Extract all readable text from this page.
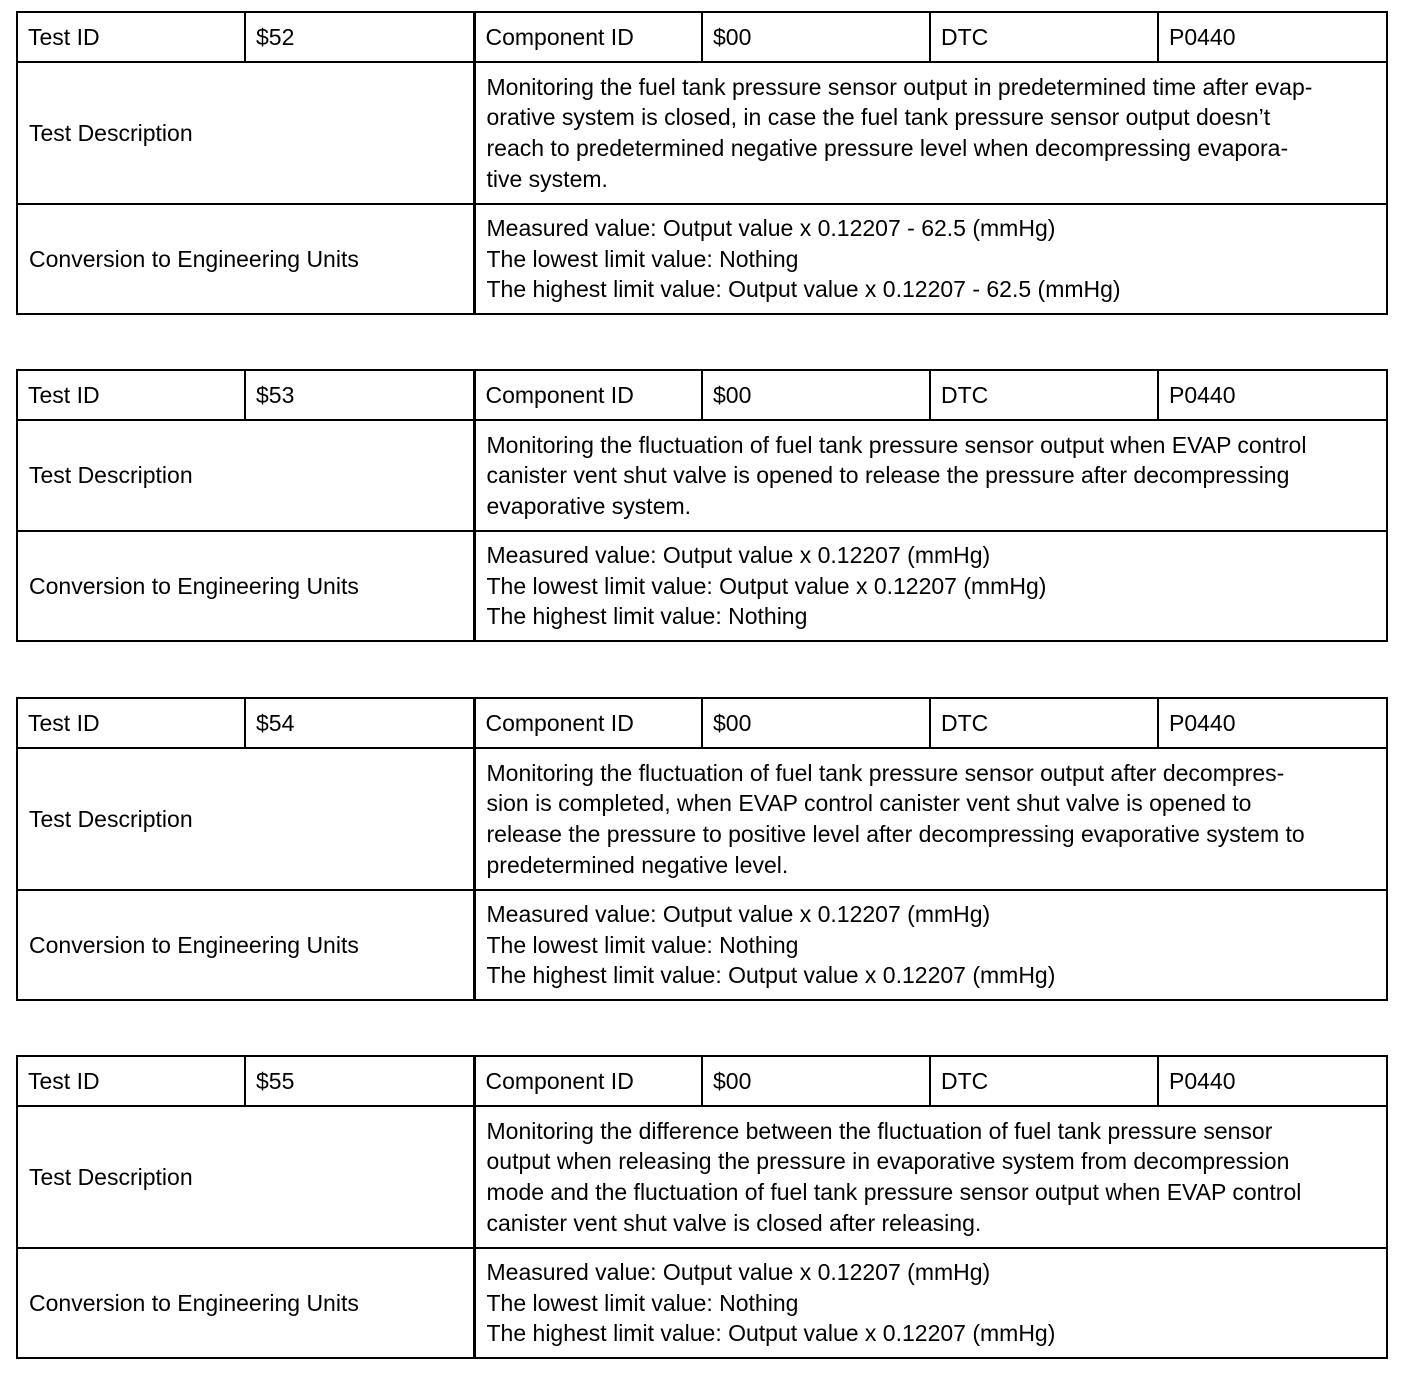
Test ID	$52	Component ID	$00	DTC	P0440
Test Description		Monitoring the fuel tank pressure sensor output in predetermined time after evap-
orative system is closed, in case the fuel tank pressure sensor output doesn’t
reach to predetermined negative pressure level when decompressing evapora-
tive system.			

Conversion to Engineering Units		Measured value: Output value x 0.12207 - 62.5 (mmHg)
The lowest limit value: Nothing
The highest limit value: Output value x 0.12207 - 62.5 (mmHg)			
Test ID	$53	Component ID	$00	DTC	P0440
Test Description		Monitoring the fluctuation of fuel tank pressure sensor output when EVAP control
canister vent shut valve is opened to release the pressure after decompressing
evaporative system.			

Conversion to Engineering Units		Measured value: Output value x 0.12207 (mmHg)
The lowest limit value: Output value x 0.12207 (mmHg)
The highest limit value: Nothing			
Test ID	$54	Component ID	$00	DTC	P0440
Test Description		Monitoring the fluctuation of fuel tank pressure sensor output after decompres-
sion is completed, when EVAP control canister vent shut valve is opened to
release the pressure to positive level after decompressing evaporative system to
predetermined negative level.			

Conversion to Engineering Units		Measured value: Output value x 0.12207 (mmHg)
The lowest limit value: Nothing
The highest limit value: Output value x 0.12207 (mmHg)			
Test ID	$55	Component ID	$00	DTC	P0440
Test Description		Monitoring the difference between the fluctuation of fuel tank pressure sensor
output when releasing the pressure in evaporative system from decompression
mode and the fluctuation of fuel tank pressure sensor output when EVAP control
canister vent shut valve is closed after releasing.			

Conversion to Engineering Units		Measured value: Output value x 0.12207 (mmHg)
The lowest limit value: Nothing
The highest limit value: Output value x 0.12207 (mmHg)			
